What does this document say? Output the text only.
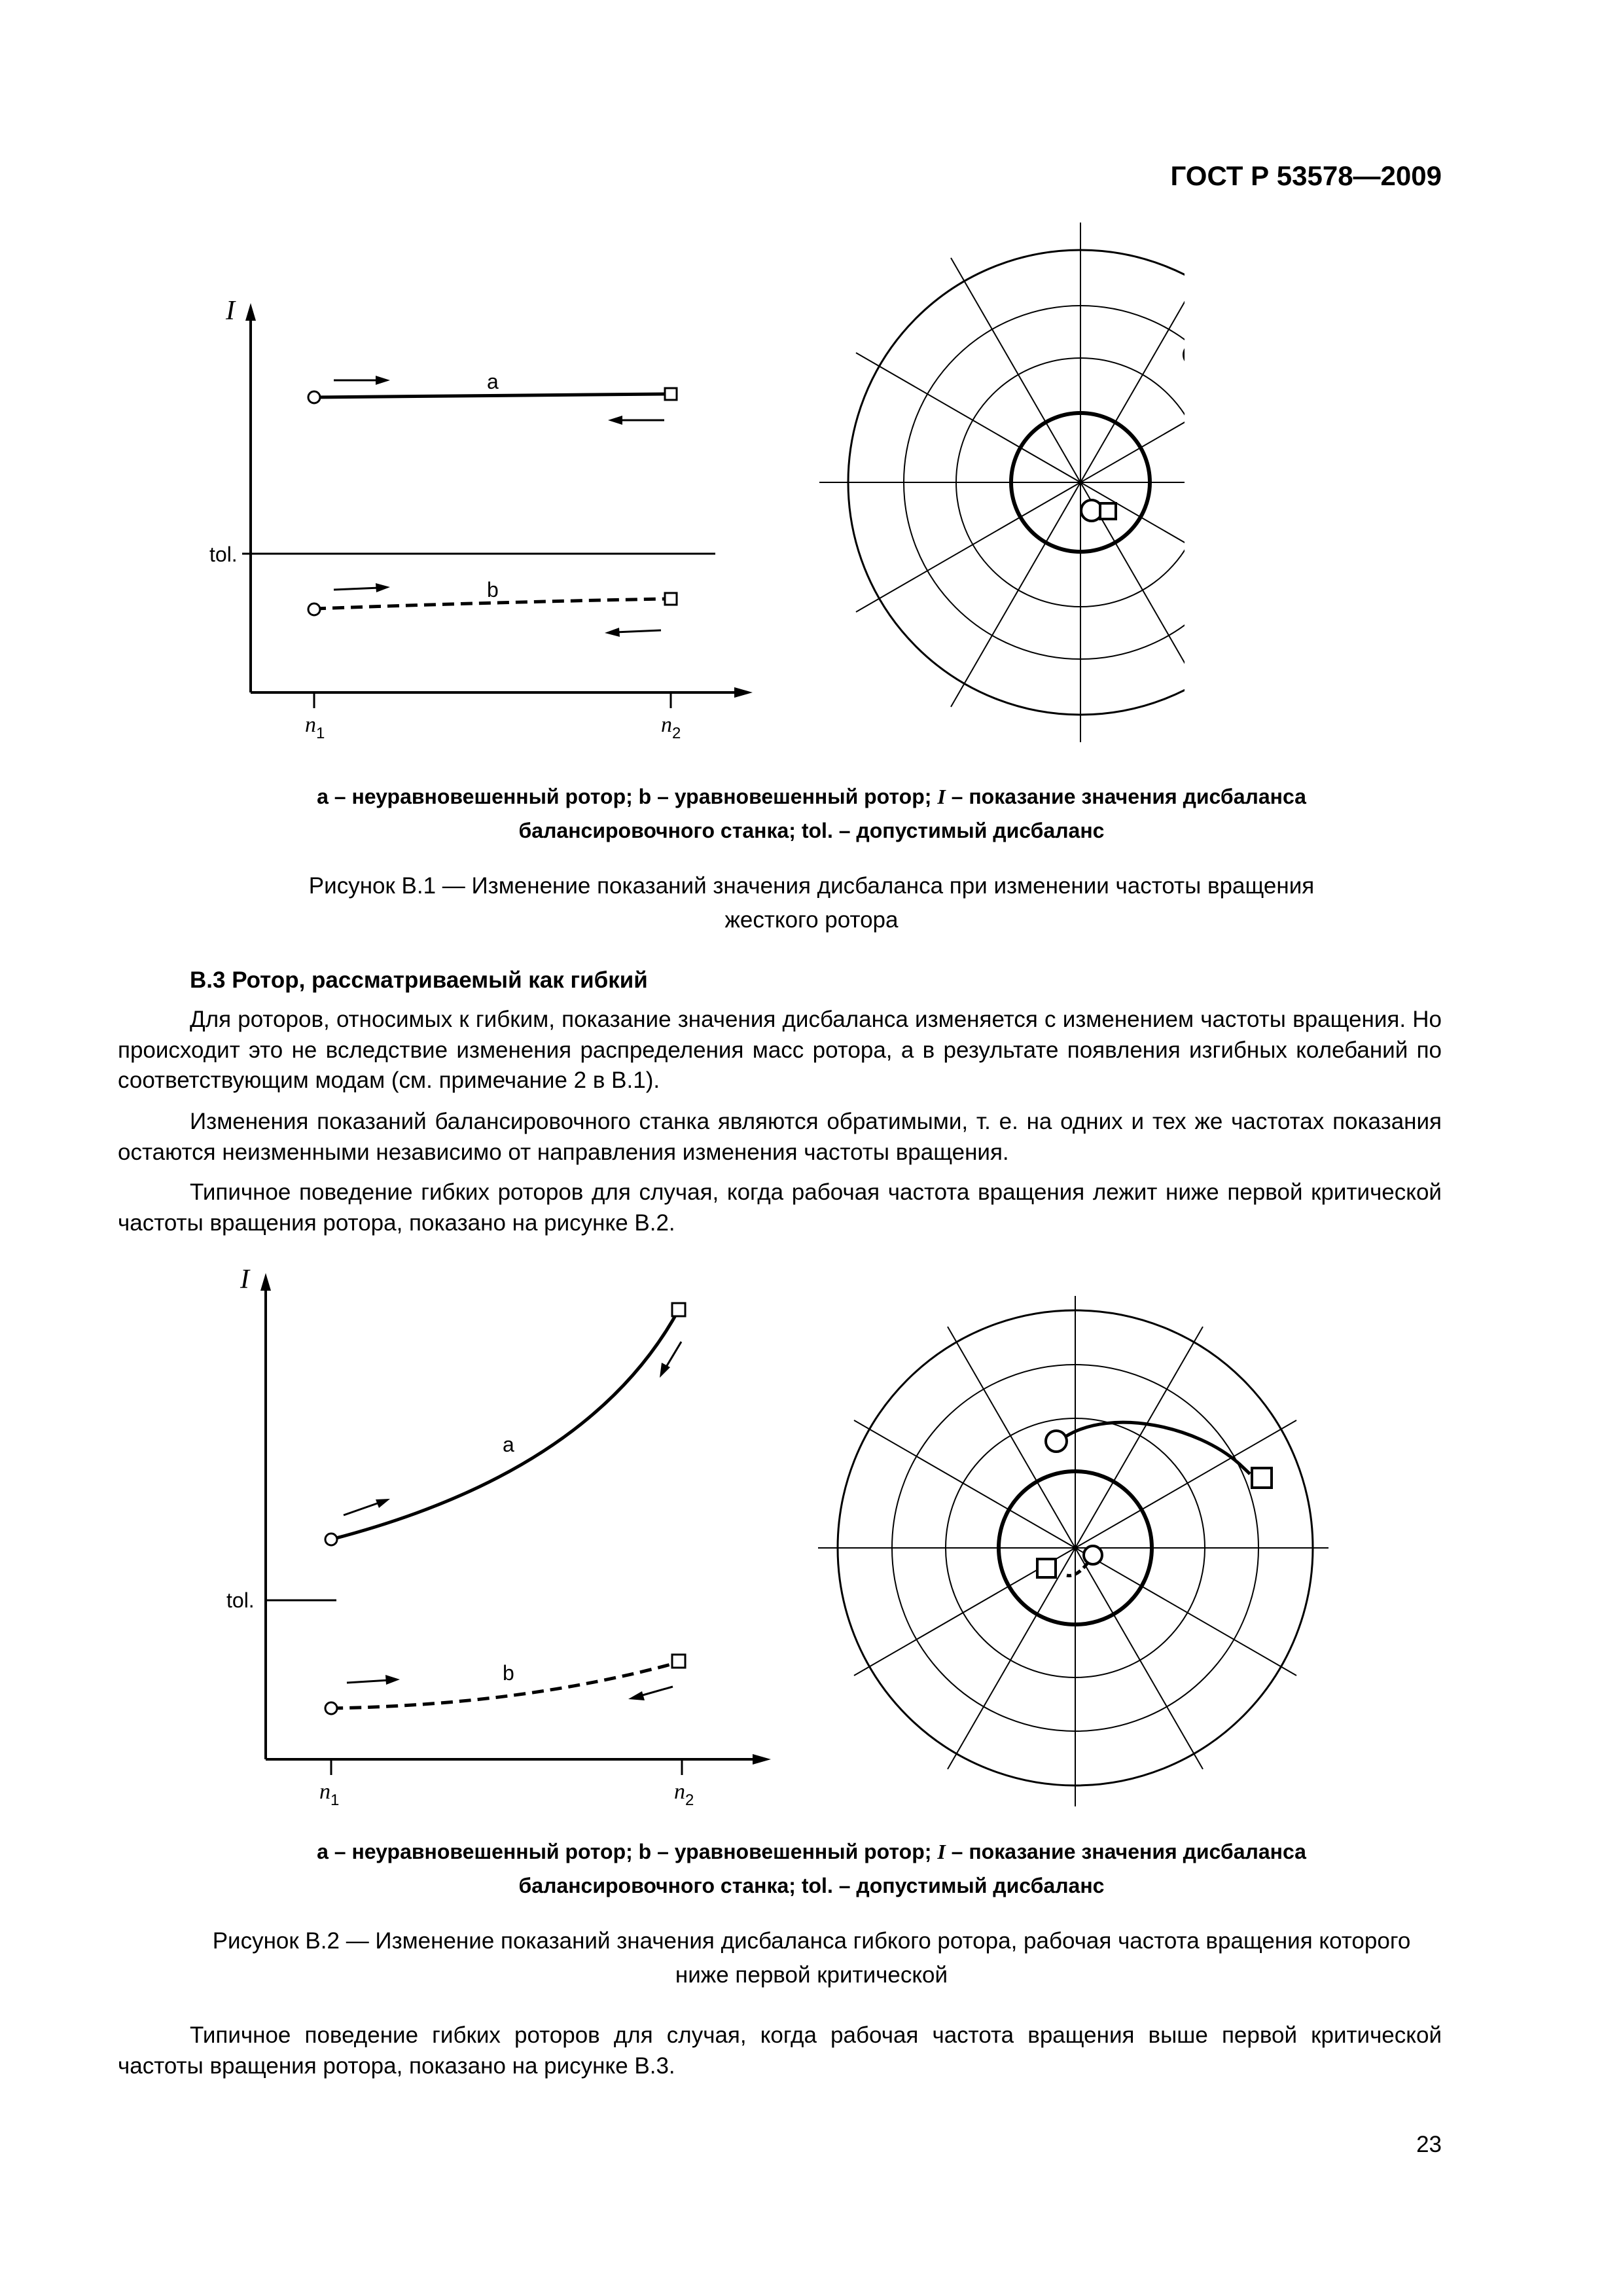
ГОСТ Р 53578—2009
I
tol.
a
b
$n_1$	$n_2$
a – неуравновешенный ротор; b – уравновешенный ротор; I – показание значения дисбаланса
балансировочного станка; tol. – допустимый дисбаланс
Рисунок В.1 — Изменение показаний значения дисбаланса при изменении частоты вращения
жесткого ротора
В.3 Ротор, рассматриваемый как гибкий
Для роторов, относимых к гибким, показание значения дисбаланса изменяется с изменением частоты вращения. Но происходит это не вследствие изменения распределения масс ротора, а в результате появления изгибных колебаний по соответствующим модам (см. примечание 2 в В.1).
Изменения показаний балансировочного станка являются обратимыми, т. е. на одних и тех же частотах показания остаются неизменными независимо от направления изменения частоты вращения.
Типичное поведение гибких роторов для случая, когда рабочая частота вращения лежит ниже первой критической частоты вращения ротора, показано на рисунке В.2.
I
tol.
a
b
$n_1$	$n_2$
a – неуравновешенный ротор; b – уравновешенный ротор; I – показание значения дисбаланса
балансировочного станка; tol. – допустимый дисбаланс
Рисунок В.2 — Изменение показаний значения дисбаланса гибкого ротора, рабочая частота вращения которого
ниже первой критической
Типичное поведение гибких роторов для случая, когда рабочая частота вращения выше первой критической частоты вращения ротора, показано на рисунке В.3.
23
